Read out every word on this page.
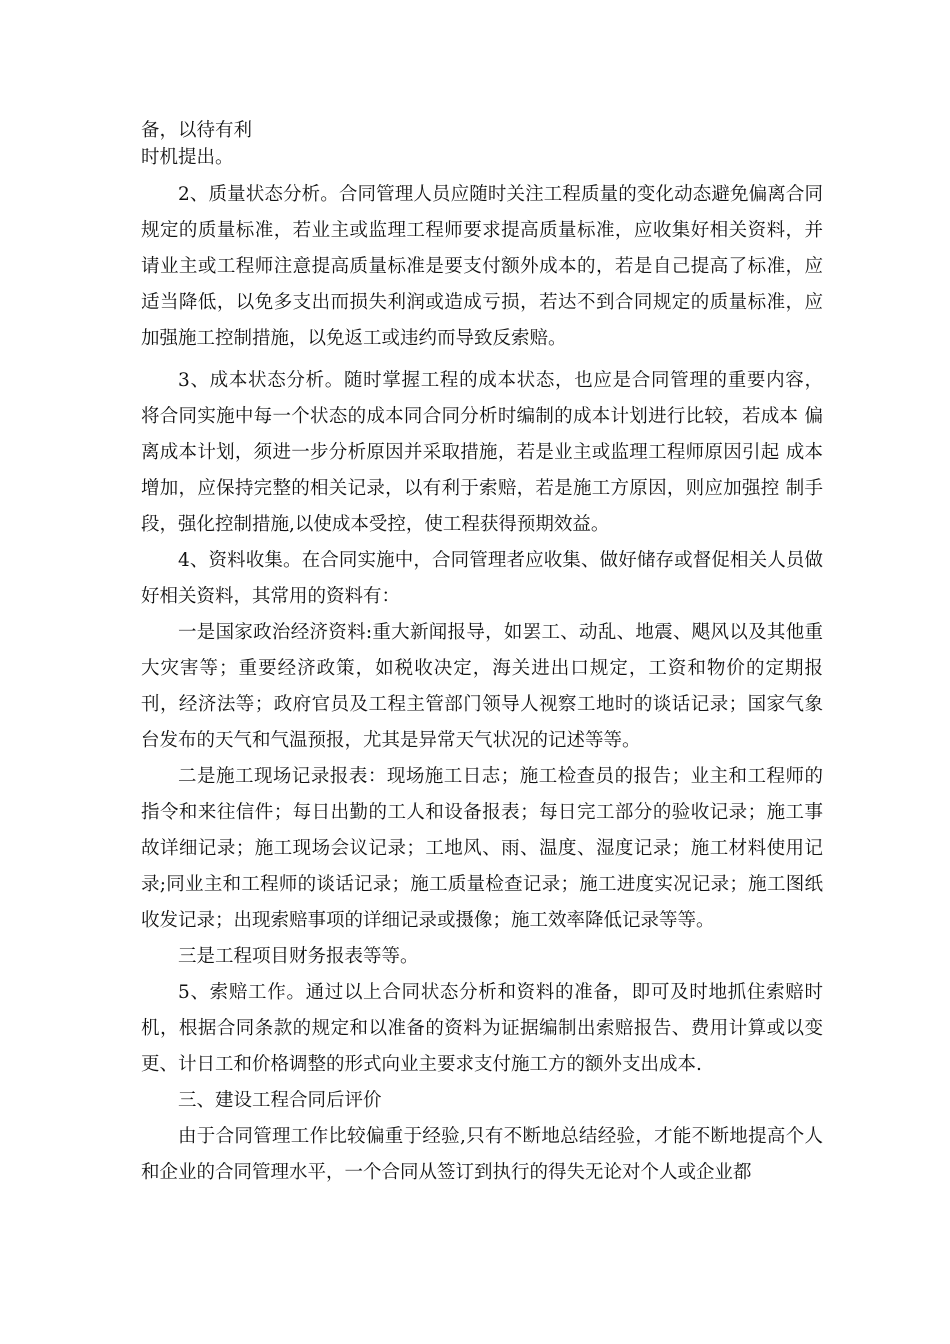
备，以待有利

时机提出。

2、质量状态分析。合同管理人员应随时关注工程质量的变化动态避免偏离合同规定的质量标准，若业主或监理工程师要求提高质量标准，应收集好相关资料，并请业主或工程师注意提高质量标准是要支付额外成本的，若是自己提高了标准，应适当降低，以免多支出而损失利润或造成亏损，若达不到合同规定的质量标准，应加强施工控制措施，以免返工或违约而导致反索赔。

3、成本状态分析。随时掌握工程的成本状态，也应是合同管理的重要内容， 将合同实施中每一个状态的成本同合同分析时编制的成本计划进行比较，若成本 偏离成本计划，须进一步分析原因并采取措施，若是业主或监理工程师原因引起 成本增加，应保持完整的相关记录，以有利于索赔，若是施工方原因，则应加强控 制手段，强化控制措施,以使成本受控，使工程获得预期效益。

4、资料收集。在合同实施中，合同管理者应收集、做好储存或督促相关人员做好相关资料，其常用的资料有：

一是国家政治经济资料:重大新闻报导，如罢工、动乱、地震、飓风以及其他重大灾害等；重要经济政策，如税收决定，海关进出口规定，工资和物价的定期报刊，经济法等；政府官员及工程主管部门领导人视察工地时的谈话记录；国家气象台发布的天气和气温预报，尤其是异常天气状况的记述等等。

二是施工现场记录报表：现场施工日志；施工检查员的报告；业主和工程师的指令和来往信件；每日出勤的工人和设备报表；每日完工部分的验收记录；施工事故详细记录；施工现场会议记录；工地风、雨、温度、湿度记录；施工材料使用记录;同业主和工程师的谈话记录；施工质量检查记录；施工进度实况记录；施工图纸收发记录；出现索赔事项的详细记录或摄像；施工效率降低记录等等。

三是工程项目财务报表等等。

5、索赔工作。通过以上合同状态分析和资料的准备，即可及时地抓住索赔时机，根据合同条款的规定和以准备的资料为证据编制出索赔报告、费用计算或以变更、计日工和价格调整的形式向业主要求支付施工方的额外支出成本.

三、建设工程合同后评价

由于合同管理工作比较偏重于经验,只有不断地总结经验，才能不断地提高个人和企业的合同管理水平，一个合同从签订到执行的得失无论对个人或企业都
